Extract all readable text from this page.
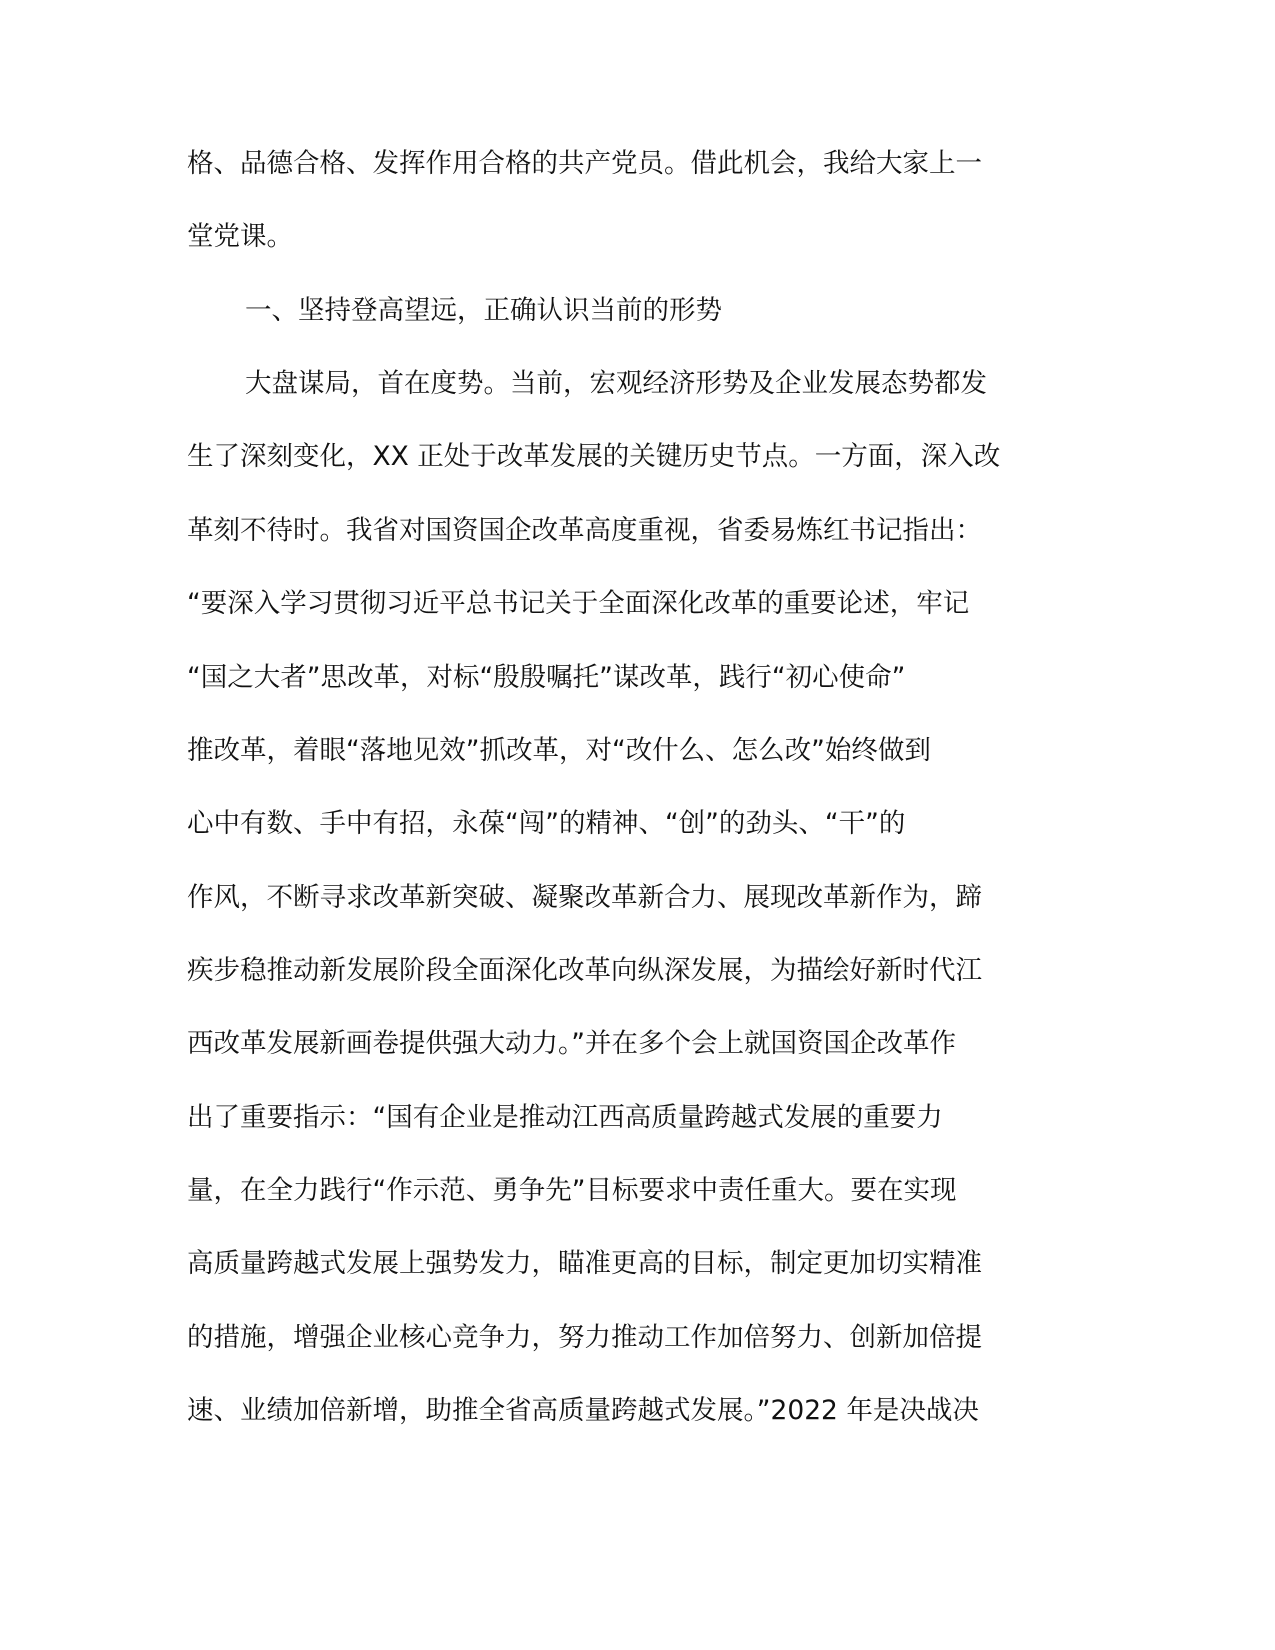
格、品德合格、发挥作用合格的共产党员。借此机会，我给大家上一
堂党课。
一、坚持登高望远，正确认识当前的形势
大盘谋局，首在度势。当前，宏观经济形势及企业发展态势都发
生了深刻变化，XX 正处于改革发展的关键历史节点。一方面，深入改
革刻不待时。我省对国资国企改革高度重视，省委易炼红书记指出：
“要深入学习贯彻习近平总书记关于全面深化改革的重要论述，牢记
“国之大者”思改革，对标“殷殷嘱托”谋改革，践行“初心使命”
推改革，着眼“落地见效”抓改革，对“改什么、怎么改”始终做到
心中有数、手中有招，永葆“闯”的精神、“创”的劲头、“干”的
作风，不断寻求改革新突破、凝聚改革新合力、展现改革新作为，蹄
疾步稳推动新发展阶段全面深化改革向纵深发展，为描绘好新时代江
西改革发展新画卷提供强大动力。”并在多个会上就国资国企改革作
出了重要指示：“国有企业是推动江西高质量跨越式发展的重要力
量，在全力践行“作示范、勇争先”目标要求中责任重大。要在实现
高质量跨越式发展上强势发力，瞄准更高的目标，制定更加切实精准
的措施，增强企业核心竞争力，努力推动工作加倍努力、创新加倍提
速、业绩加倍新增，助推全省高质量跨越式发展。”2022 年是决战决
